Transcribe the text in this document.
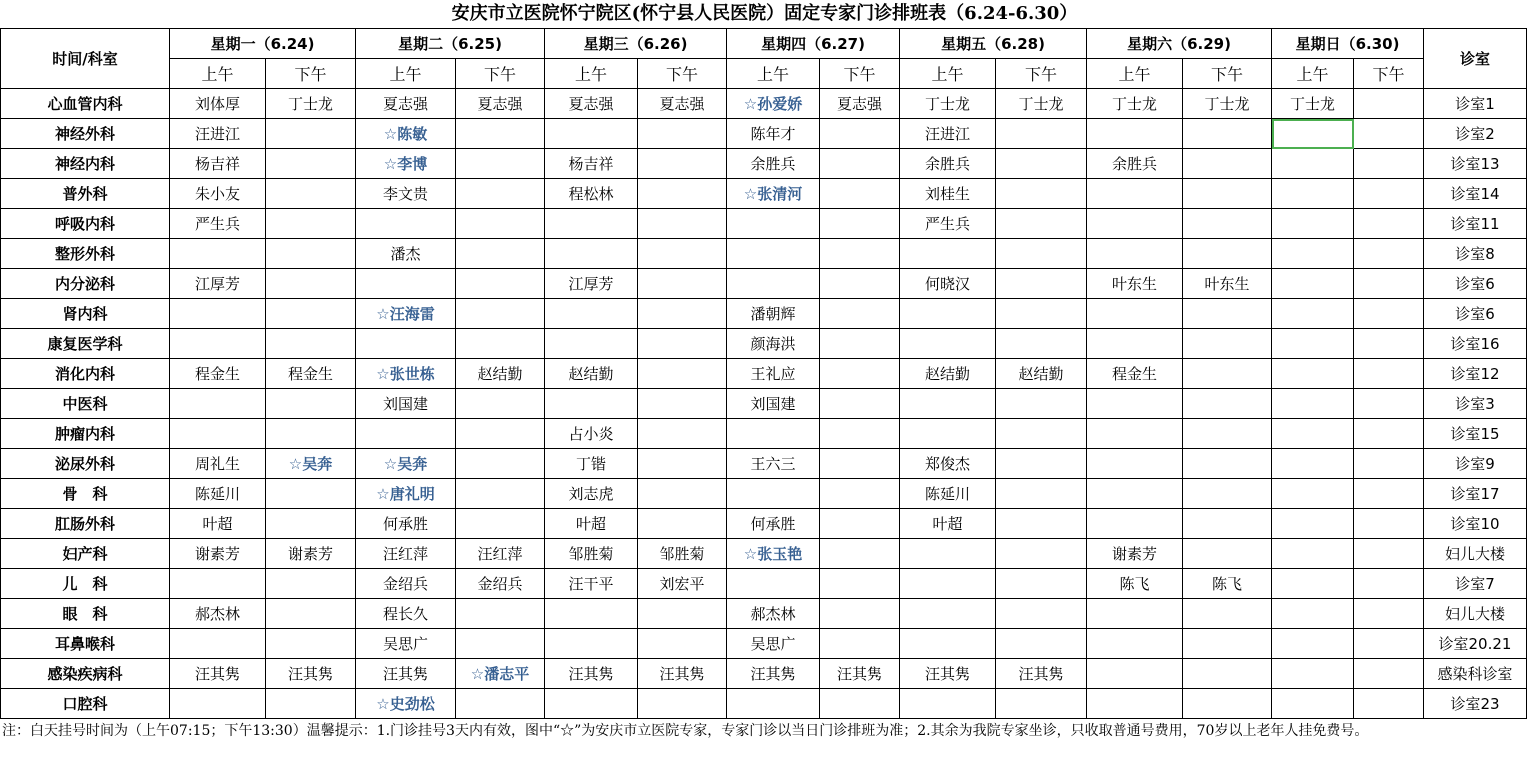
安庆市立医院怀宁院区(怀宁县人民医院）固定专家门诊排班表（6.24-6.30）
时间/科室	星期一（6.24)		星期二（6.25)		星期三（6.26)		星期四（6.27)		星期五（6.28)		星期六（6.29)		星期日（6.30)		诊室
	上午	下午	上午	下午	上午	下午	上午	下午	上午	下午	上午	下午	上午	下午	
心血管内科	刘体厚	丁士龙	夏志强	夏志强	夏志强	夏志强	☆孙爱娇	夏志强	丁士龙	丁士龙	丁士龙	丁士龙	丁士龙		诊室1
神经外科	汪进江		☆陈敏				陈年才		汪进江						诊室2
神经内科	杨吉祥		☆李博		杨吉祥		余胜兵		余胜兵		余胜兵				诊室13
普外科	朱小友		李文贵		程松林		☆张清河		刘桂生						诊室14
呼吸内科	严生兵								严生兵						诊室11
整形外科			潘杰												诊室8
内分泌科	江厚芳				江厚芳				何晓汉		叶东生	叶东生			诊室6
肾内科			☆汪海雷				潘朝辉								诊室6
康复医学科							颜海洪								诊室16
消化内科	程金生	程金生	☆张世栋	赵结勤	赵结勤		王礼应		赵结勤	赵结勤	程金生				诊室12
中医科			刘国建				刘国建								诊室3
肿瘤内科					占小炎										诊室15
泌尿外科	周礼生	☆吴奔	☆吴奔		丁锴		王六三		郑俊杰						诊室9
骨　科	陈延川		☆唐礼明		刘志虎				陈延川						诊室17
肛肠外科	叶超		何承胜		叶超		何承胜		叶超						诊室10
妇产科	谢素芳	谢素芳	汪红萍	汪红萍	邹胜菊	邹胜菊	☆张玉艳				谢素芳				妇儿大楼
儿　科			金绍兵	金绍兵	汪干平	刘宏平					陈飞	陈飞			诊室7
眼　科	郝杰林		程长久				郝杰林								妇儿大楼
耳鼻喉科			吴思广				吴思广								诊室20.21
感染疾病科	汪其隽	汪其隽	汪其隽	☆潘志平	汪其隽	汪其隽	汪其隽	汪其隽	汪其隽	汪其隽					感染科诊室
口腔科			☆史劲松												诊室23
注：白天挂号时间为（上午07:15；下午13:30）温馨提示：1.门诊挂号3天内有效，图中“☆”为安庆市立医院专家，专家门诊以当日门诊排班为准；2.其余为我院专家坐诊，只收取普通号费用，70岁以上老年人挂免费号。
